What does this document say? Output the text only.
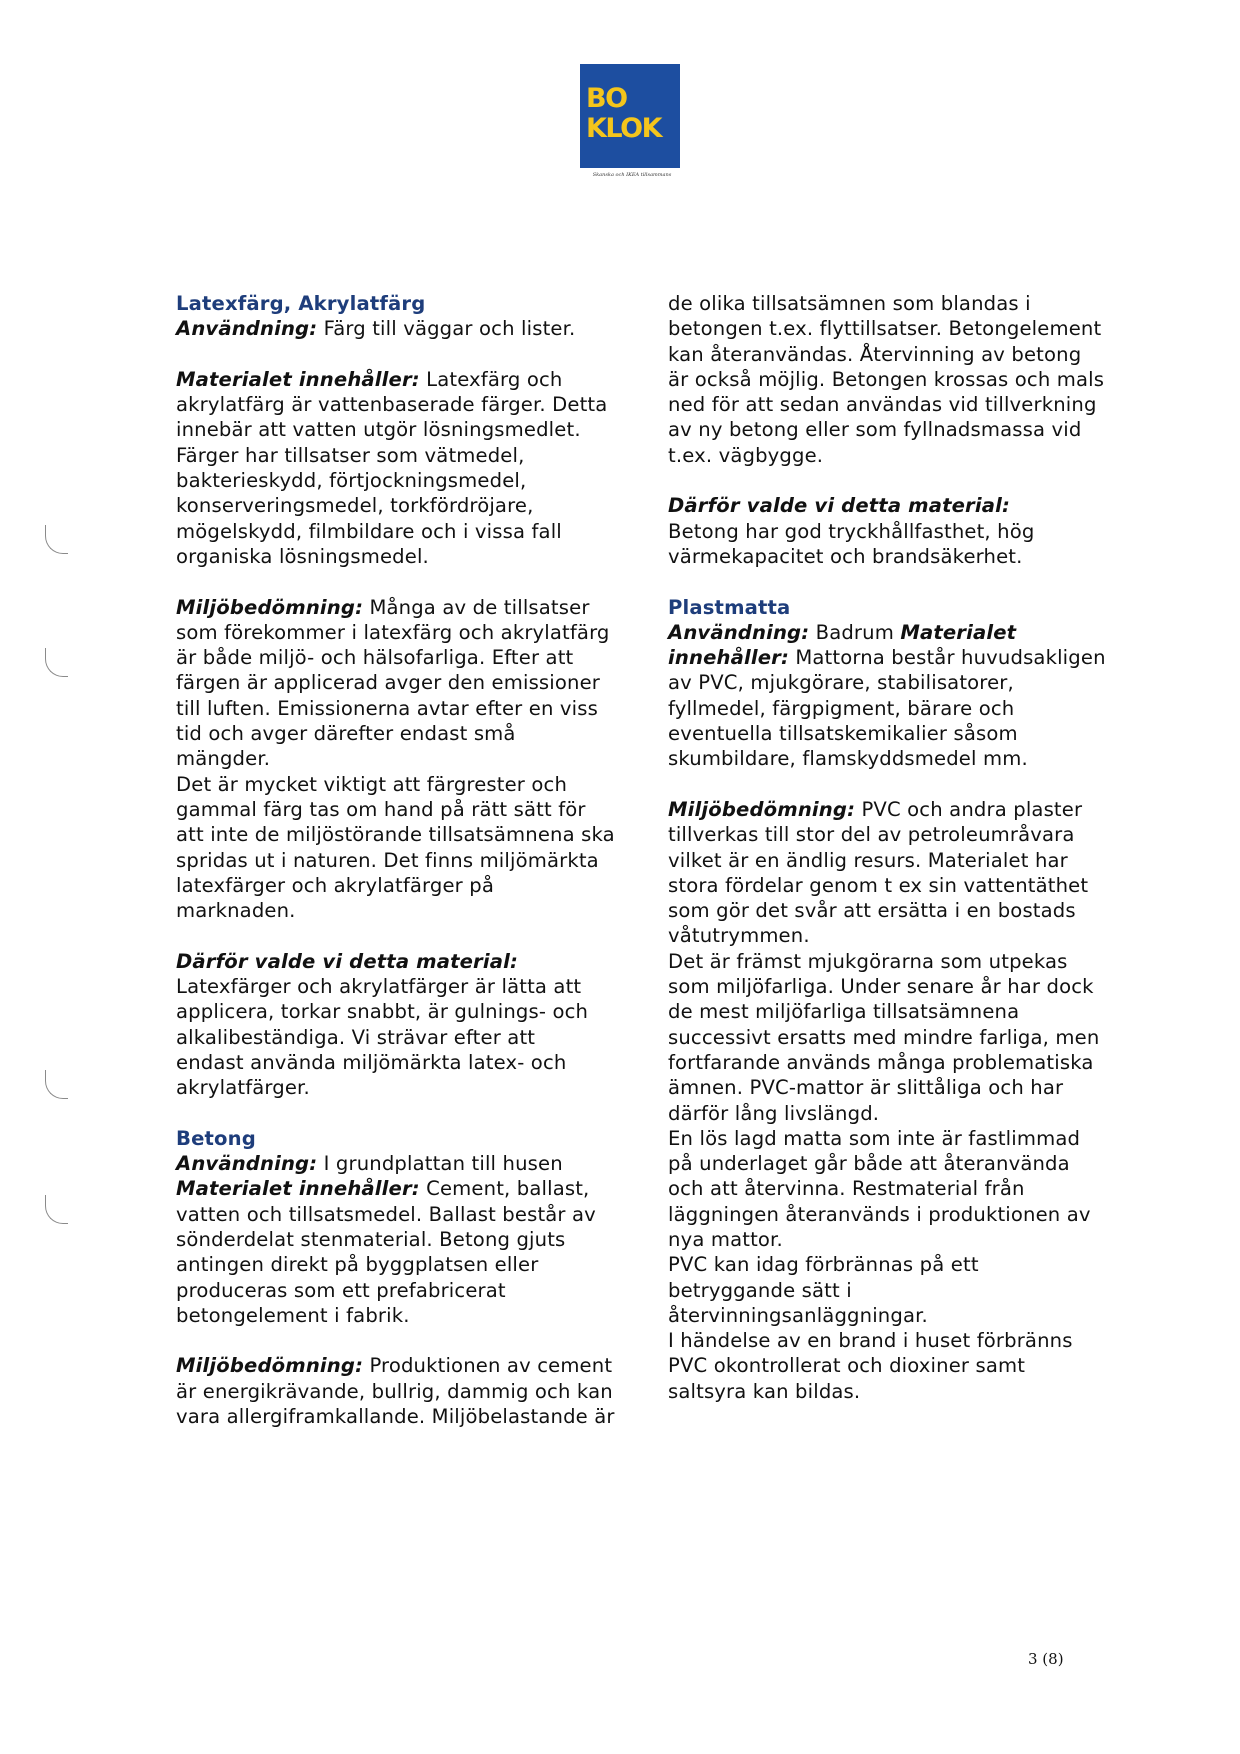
BO
KLOK
Skanska och IKEA tillsammans

Latexfärg, Akrylatfärg
Användning: Färg till väggar och lister.

Materialet innehåller: Latexfärg och akrylatfärg är vattenbaserade färger. Detta innebär att vatten utgör lösningsmedlet. Färger har tillsatser som vätmedel, bakterieskydd, förtjockningsmedel, konserveringsmedel, torkfördröjare, mögelskydd, filmbildare och i vissa fall organiska lösningsmedel.

Miljöbedömning: Många av de tillsatser som förekommer i latexfärg och akrylatfärg är både miljö- och hälsofarliga. Efter att färgen är applicerad avger den emissioner till luften. Emissionerna avtar efter en viss tid och avger därefter endast små mängder.
Det är mycket viktigt att färgrester och gammal färg tas om hand på rätt sätt för att inte de miljöstörande tillsatsämnena ska spridas ut i naturen. Det finns miljömärkta latexfärger och akrylatfärger på marknaden.

Därför valde vi detta material:
Latexfärger och akrylatfärger är lätta att applicera, torkar snabbt, är gulnings- och alkalibeständiga. Vi strävar efter att
endast använda miljömärkta latex- och akrylatfärger.

Betong
Användning: I grundplattan till husen
Materialet innehåller: Cement, ballast, vatten och tillsatsmedel. Ballast består av sönderdelat stenmaterial. Betong gjuts antingen direkt på byggplatsen eller produceras som ett prefabricerat betongelement i fabrik.

Miljöbedömning: Produktionen av cement är energikrävande, bullrig, dammig och kan vara allergiframkallande. Miljöbelastande är

de olika tillsatsämnen som blandas i betongen t.ex. flyttillsatser. Betongelement kan återanvändas. Återvinning av betong är också möjlig. Betongen krossas och mals ned för att sedan användas vid tillverkning av ny betong eller som fyllnadsmassa vid t.ex. vägbygge.

Därför valde vi detta material:
Betong har god tryckhållfasthet, hög värmekapacitet och brandsäkerhet.

Plastmatta
Användning: Badrum Materialet innehåller: Mattorna består huvudsakligen av PVC, mjukgörare, stabilisatorer, fyllmedel, färgpigment, bärare och eventuella tillsatskemikalier såsom skumbildare, flamskyddsmedel mm.

Miljöbedömning: PVC och andra plaster tillverkas till stor del av petroleumråvara vilket är en ändlig resurs. Materialet har stora fördelar genom t ex sin vattentäthet som gör det svår att ersätta i en bostads våtutrymmen.
Det är främst mjukgörarna som utpekas som miljöfarliga. Under senare år har dock de mest miljöfarliga tillsatsämnena successivt ersatts med mindre farliga, men fortfarande används många problematiska ämnen. PVC-mattor är slittåliga och har därför lång livslängd.
En lös lagd matta som inte är fastlimmad på underlaget går både att återanvända och att återvinna. Restmaterial från läggningen återanvänds i produktionen av nya mattor.
PVC kan idag förbrännas på ett betryggande sätt i återvinningsanläggningar.
I händelse av en brand i huset förbränns PVC okontrollerat och dioxiner samt saltsyra kan bildas.

3 (8)
